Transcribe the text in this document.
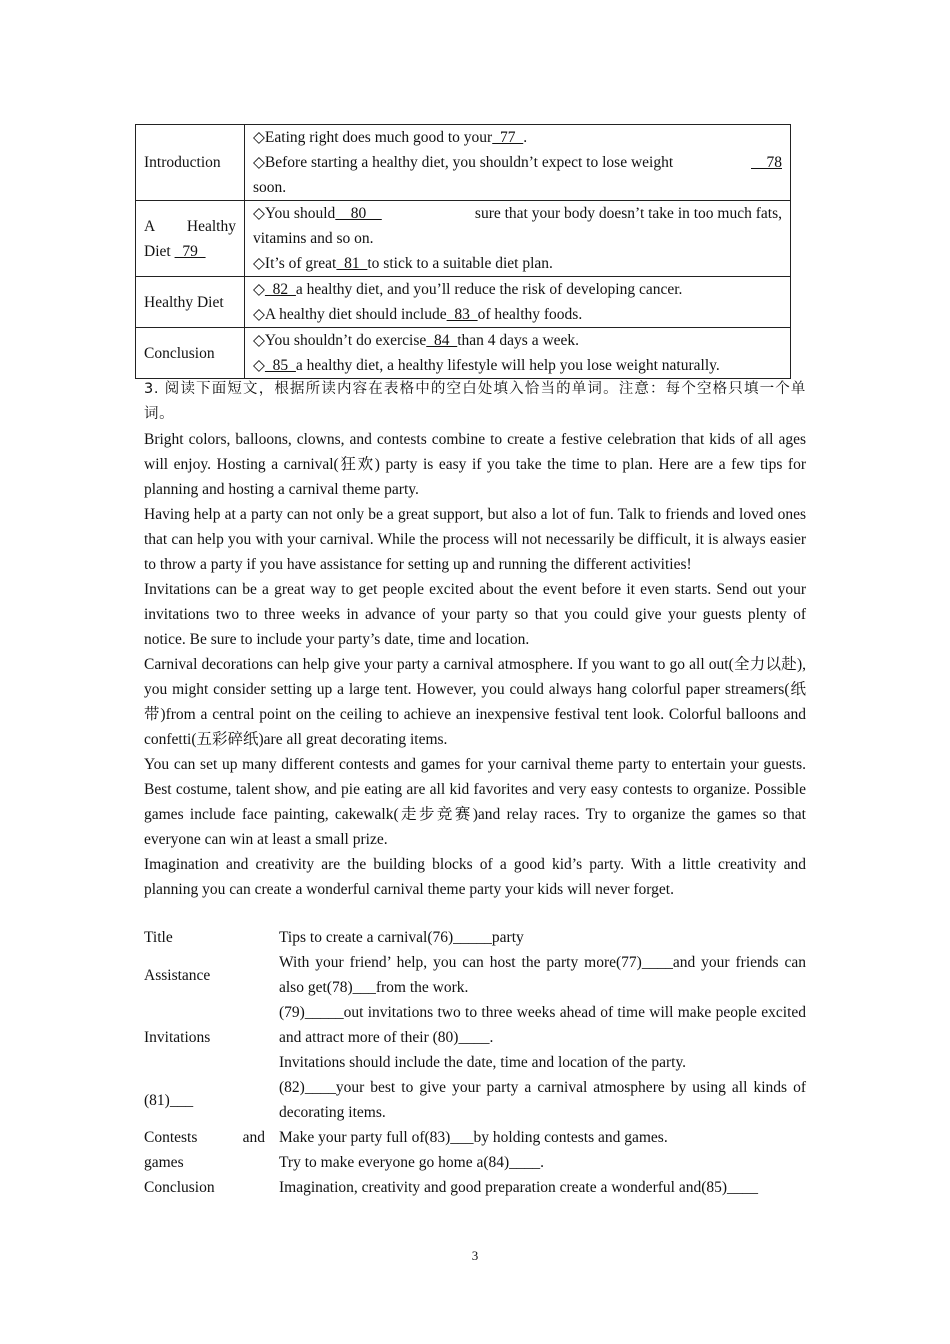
Introduction	◇Eating right does much good to your  77  .
◇Before starting a healthy diet, you shouldn’t expect to lose weight 78
soon.

A Healthy
Diet   79	◇You should    80 sure that your body doesn’t take in too much fats,
vitamins and so on.
◇It’s of great  81  to stick to a suitable diet plan.

Healthy Diet	◇  82  a healthy diet, and you’ll reduce the risk of developing cancer.
◇A healthy diet should include  83  of healthy foods.

Conclusion	◇You shouldn’t do exercise  84  than 4 days a week.
◇  85  a healthy diet, a healthy lifestyle will help you lose weight naturally.

3. 阅读下面短文，根据所读内容在表格中的空白处填入恰当的单词。注意：每个空格只填一个单词。

Bright colors, balloons, clowns, and contests combine to create a festive celebration that kids of all ages will enjoy. Hosting a carnival(狂欢) party is easy if you take the time to plan. Here are a few tips for planning and hosting a carnival theme party.

Having help at a party can not only be a great support, but also a lot of fun. Talk to friends and loved ones that can help you with your carnival. While the process will not necessarily be difficult, it is always easier to throw a party if you have assistance for setting up and running the different activities!

Invitations can be a great way to get people excited about the event before it even starts. Send out your invitations two to three weeks in advance of your party so that you could give your guests plenty of notice. Be sure to include your party’s date, time and location.

Carnival decorations can help give your party a carnival atmosphere. If you want to go all out(全力以赴), you might consider setting up a large tent. However, you could always hang colorful paper streamers(纸带)from a central point on the ceiling to achieve an inexpensive festival tent look. Colorful balloons and confetti(五彩碎纸)are all great decorating items.

You can set up many different contests and games for your carnival theme party to entertain your guests. Best costume, talent show, and pie eating are all kid favorites and very easy contests to organize. Possible games include face painting, cakewalk(走步竞赛)and relay races. Try to organize the games so that everyone can win at least a small prize.

Imagination and creativity are the building blocks of a good kid’s party. With a little creativity and planning you can create a wonderful carnival theme party your kids will never forget.

Title	Tips to create a carnival(76)_____party
Assistance	With your friend’ help, you can host the party more(77)____and your friends can also get(78)___from the work.
Invitations	(79)_____out invitations two to three weeks ahead of time will make people excited and attract more of their (80)____.
Invitations should include the date, time and location of the party.

(81)___	(82)____your best to give your party a carnival atmosphere by using all kinds of decorating items.

Contests and
games	Make your party full of(83)___by holding contests and games.
Try to make everyone go home a(84)____.

Conclusion	Imagination, creativity and good preparation create a wonderful and(85)____
3
